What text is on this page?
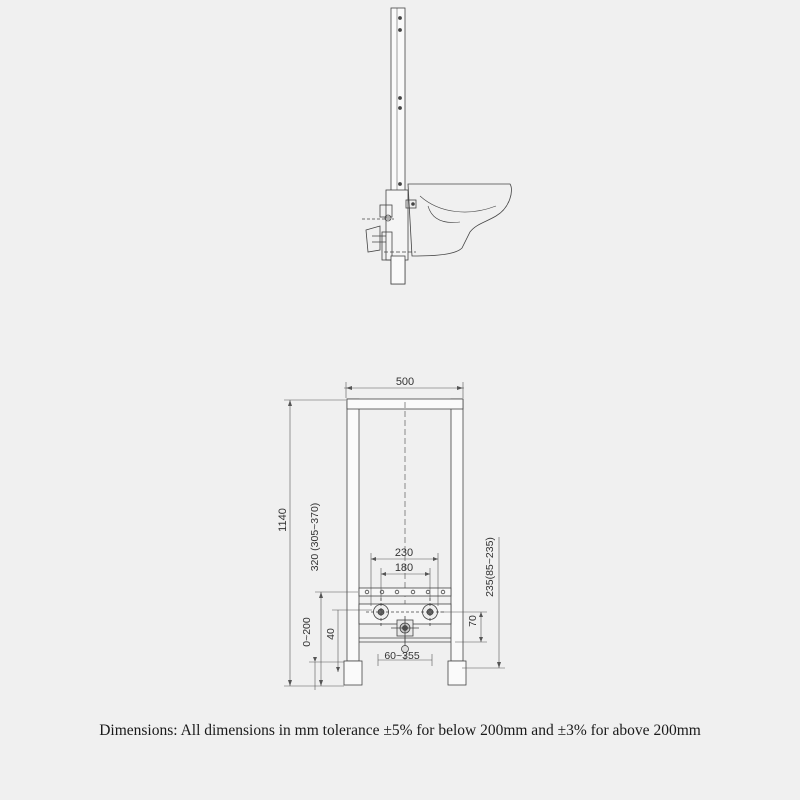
500
1140 320 (305~370)
0~200 40
230
180	235(85~235)
70
60~355
Dimensions: All dimensions in mm tolerance ±5% for below 200mm and ±3% for above 200mm
